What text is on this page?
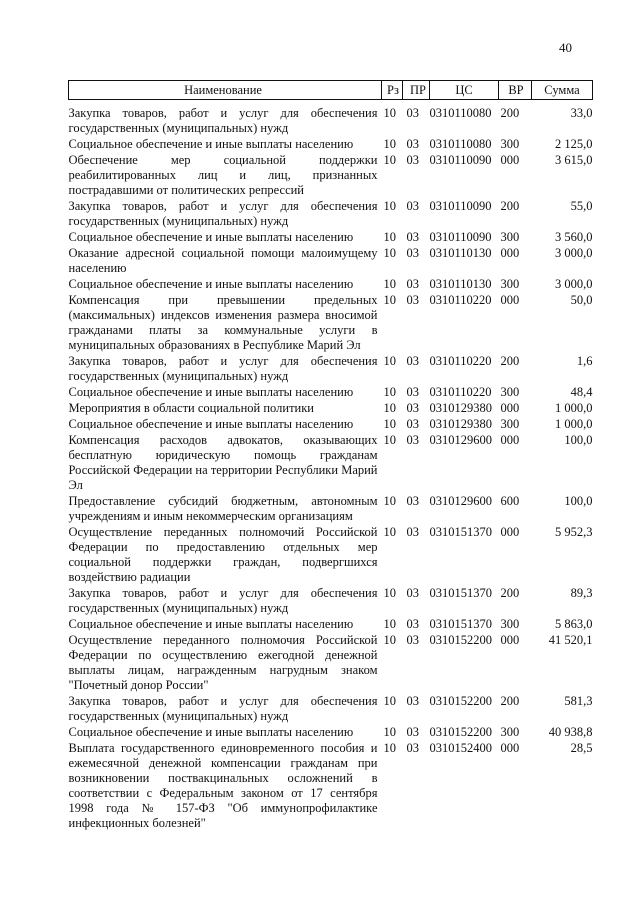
40
Наименование	Рз	ПР	ЦС	ВР	Сумма

Закупка товаров, работ и услуг для обеспечения государственных (муниципальных) нужд	10	03	0310110080	200	33,0
Социальное обеспечение и иные выплаты населению	10	03	0310110080	300	2 125,0
Обеспечение мер социальной поддержки реабилитированных лиц и лиц, признанных пострадавшими от политических репрессий	10	03	0310110090	000	3 615,0
Закупка товаров, работ и услуг для обеспечения государственных (муниципальных) нужд	10	03	0310110090	200	55,0
Социальное обеспечение и иные выплаты населению	10	03	0310110090	300	3 560,0
Оказание адресной социальной помощи малоимущему населению	10	03	0310110130	000	3 000,0
Социальное обеспечение и иные выплаты населению	10	03	0310110130	300	3 000,0
Компенсация при превышении предельных (максимальных) индексов изменения размера вносимой гражданами платы за коммунальные услуги в муниципальных образованиях в Республике Марий Эл	10	03	0310110220	000	50,0
Закупка товаров, работ и услуг для обеспечения государственных (муниципальных) нужд	10	03	0310110220	200	1,6
Социальное обеспечение и иные выплаты населению	10	03	0310110220	300	48,4
Мероприятия в области социальной политики	10	03	0310129380	000	1 000,0
Социальное обеспечение и иные выплаты населению	10	03	0310129380	300	1 000,0
Компенсация расходов адвокатов, оказывающих бесплатную юридическую помощь гражданам Российской Федерации на территории Республики Марий Эл	10	03	0310129600	000	100,0
Предоставление субсидий бюджетным, автономным учреждениям и иным некоммерческим организациям	10	03	0310129600	600	100,0
Осуществление переданных полномочий Российской Федерации по предоставлению отдельных мер социальной поддержки граждан, подвергшихся воздействию радиации	10	03	0310151370	000	5 952,3
Закупка товаров, работ и услуг для обеспечения государственных (муниципальных) нужд	10	03	0310151370	200	89,3
Социальное обеспечение и иные выплаты населению	10	03	0310151370	300	5 863,0
Осуществление переданного полномочия Российской Федерации по осуществлению ежегодной денежной выплаты лицам, награжденным нагрудным знаком "Почетный донор России"	10	03	0310152200	000	41 520,1
Закупка товаров, работ и услуг для обеспечения государственных (муниципальных) нужд	10	03	0310152200	200	581,3
Социальное обеспечение и иные выплаты населению	10	03	0310152200	300	40 938,8
Выплата государственного единовременного пособия и ежемесячной денежной компенсации гражданам при возникновении поствакцинальных осложнений в соответствии с Федеральным законом от 17 сентября 1998 года № 157-ФЗ "Об иммунопрофилактике инфекционных болезней"	10	03	0310152400	000	28,5
